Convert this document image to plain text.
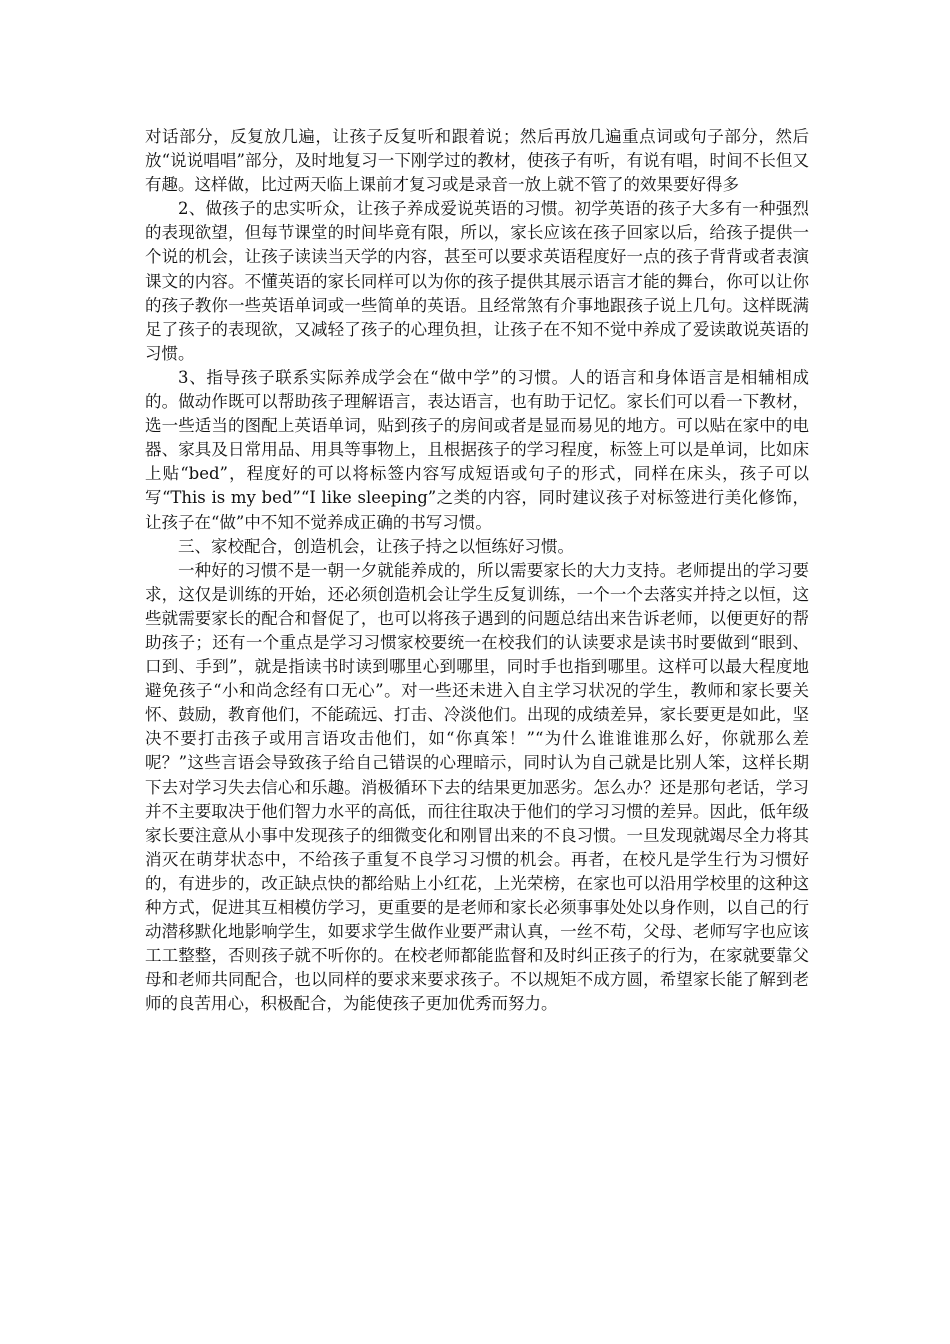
对话部分，反复放几遍，让孩子反复听和跟着说；然后再放几遍重点词或句子部分，然后放“说说唱唱”部分，及时地复习一下刚学过的教材，使孩子有听，有说有唱，时间不长但又有趣。这样做，比过两天临上课前才复习或是录音一放上就不管了的效果要好得多

2、做孩子的忠实听众，让孩子养成爱说英语的习惯。初学英语的孩子大多有一种强烈的表现欲望，但每节课堂的时间毕竟有限，所以，家长应该在孩子回家以后，给孩子提供一个说的机会，让孩子读读当天学的内容，甚至可以要求英语程度好一点的孩子背背或者表演课文的内容。不懂英语的家长同样可以为你的孩子提供其展示语言才能的舞台，你可以让你的孩子教你一些英语单词或一些简单的英语。且经常煞有介事地跟孩子说上几句。这样既满足了孩子的表现欲，又减轻了孩子的心理负担，让孩子在不知不觉中养成了爱读敢说英语的习惯。

3、指导孩子联系实际养成学会在“做中学”的习惯。人的语言和身体语言是相辅相成的。做动作既可以帮助孩子理解语言，表达语言，也有助于记忆。家长们可以看一下教材，选一些适当的图配上英语单词，贴到孩子的房间或者是显而易见的地方。可以贴在家中的电器、家具及日常用品、用具等事物上，且根据孩子的学习程度，标签上可以是单词，比如床上贴“bed”，程度好的可以将标签内容写成短语或句子的形式，同样在床头，孩子可以写“This is my bed”“I like sleeping”之类的内容，同时建议孩子对标签进行美化修饰，让孩子在“做”中不知不觉养成正确的书写习惯。

三、家校配合，创造机会，让孩子持之以恒练好习惯。

一种好的习惯不是一朝一夕就能养成的，所以需要家长的大力支持。老师提出的学习要求，这仅是训练的开始，还必须创造机会让学生反复训练，一个一个去落实并持之以恒，这些就需要家长的配合和督促了，也可以将孩子遇到的问题总结出来告诉老师，以便更好的帮助孩子；还有一个重点是学习习惯家校要统一在校我们的认读要求是读书时要做到“眼到、口到、手到”，就是指读书时读到哪里心到哪里，同时手也指到哪里。这样可以最大程度地避免孩子“小和尚念经有口无心”。对一些还未进入自主学习状况的学生，教师和家长要关怀、鼓励，教育他们，不能疏远、打击、冷淡他们。出现的成绩差异，家长要更是如此，坚决不要打击孩子或用言语攻击他们，如“你真笨！”“为什么谁谁谁那么好，你就那么差呢？”这些言语会导致孩子给自己错误的心理暗示，同时认为自己就是比别人笨，这样长期下去对学习失去信心和乐趣。消极循环下去的结果更加恶劣。怎么办？还是那句老话，学习并不主要取决于他们智力水平的高低，而往往取决于他们的学习习惯的差异。因此，低年级家长要注意从小事中发现孩子的细微变化和刚冒出来的不良习惯。一旦发现就竭尽全力将其消灭在萌芽状态中，不给孩子重复不良学习习惯的机会。再者，在校凡是学生行为习惯好的，有进步的，改正缺点快的都给贴上小红花，上光荣榜，在家也可以沿用学校里的这种这种方式，促进其互相模仿学习，更重要的是老师和家长必须事事处处以身作则，以自己的行动潜移默化地影响学生，如要求学生做作业要严肃认真，一丝不苟，父母、老师写字也应该工工整整，否则孩子就不听你的。在校老师都能监督和及时纠正孩子的行为，在家就要靠父母和老师共同配合，也以同样的要求来要求孩子。不以规矩不成方圆，希望家长能了解到老师的良苦用心，积极配合，为能使孩子更加优秀而努力。
